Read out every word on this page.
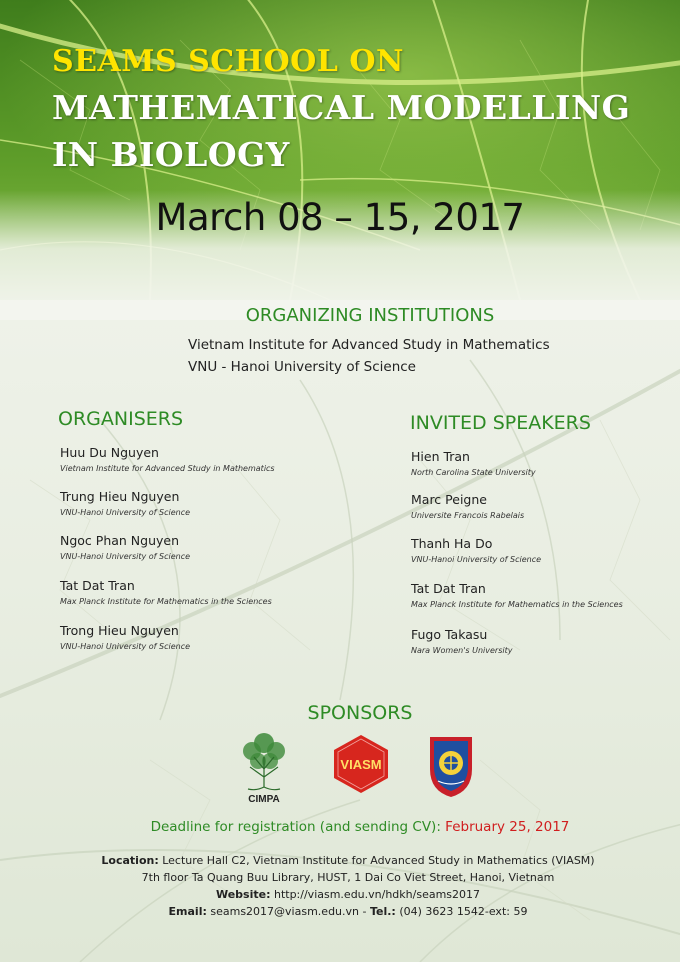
SEAMS SCHOOL ON
MATHEMATICAL MODELLING
IN BIOLOGY
March 08 – 15, 2017
ORGANIZING INSTITUTIONS
Vietnam Institute for Advanced Study in Mathematics
VNU - Hanoi University of Science
ORGANISERS
Huu Du Nguyen
Vietnam Institute for Advanced Study in Mathematics
Trung Hieu Nguyen
VNU-Hanoi University of Science
Ngoc Phan Nguyen
VNU-Hanoi University of Science
Tat Dat Tran
Max Planck Institute for Mathematics in the Sciences
Trong Hieu Nguyen
VNU-Hanoi University of Science
INVITED SPEAKERS
Hien Tran
North Carolina State University
Marc Peigne
Universite Francois Rabelais
Thanh Ha Do
VNU-Hanoi University of Science
Tat Dat Tran
Max Planck Institute for Mathematics in the Sciences
Fugo Takasu
Nara Women's University
SPONSORS
CIMPA
VIASM
Deadline for registration (and sending CV): February 25, 2017
Location: Lecture Hall C2, Vietnam Institute for Advanced Study in Mathematics (VIASM)
7th floor Ta Quang Buu Library, HUST, 1 Dai Co Viet Street, Hanoi, Vietnam
Website: http://viasm.edu.vn/hdkh/seams2017
Email: seams2017@viasm.edu.vn - Tel.: (04) 3623 1542-ext: 59
